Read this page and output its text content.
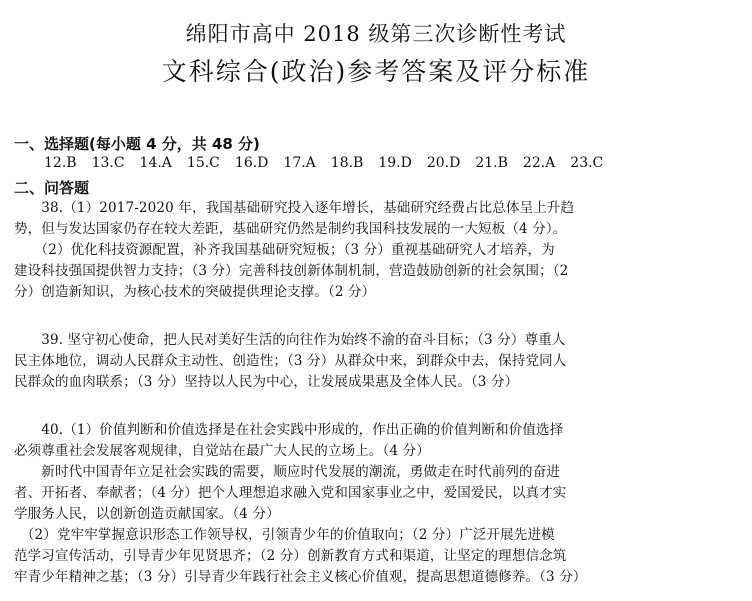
绵阳市高中 2018 级第三次诊断性考试
文科综合(政治)参考答案及评分标准
一、选择题(每小题 4 分，共 48 分)
12.B 13.C 14.A 15.C 16.D 17.A 18.B 19.D 20.D 21.B 22.A 23.C
二、问答题
　　38.（1）2017-2020 年，我国基础研究投入逐年增长，基础研究经费占比总体呈上升趋
势，但与发达国家仍存在较大差距，基础研究仍然是制约我国科技发展的一大短板（4 分）。
　　（2）优化科技资源配置，补齐我国基础研究短板；（3 分）重视基础研究人才培养，为
建设科技强国提供智力支持；（3 分）完善科技创新体制机制，营造鼓励创新的社会氛围；（2
分）创造新知识，为核心技术的突破提供理论支撑。（2 分）
　　39. 坚守初心使命，把人民对美好生活的向往作为始终不渝的奋斗目标；（3 分）尊重人
民主体地位，调动人民群众主动性、创造性；（3 分）从群众中来，到群众中去，保持党同人
民群众的血肉联系；（3 分）坚持以人民为中心，让发展成果惠及全体人民。（3 分）
　　40.（1）价值判断和价值选择是在社会实践中形成的，作出正确的价值判断和价值选择
必须尊重社会发展客观规律，自觉站在最广大人民的立场上。（4 分）
　　新时代中国青年立足社会实践的需要，顺应时代发展的潮流，勇做走在时代前列的奋进
者、开拓者、奉献者；（4 分）把个人理想追求融入党和国家事业之中，爱国爱民，以真才实
学服务人民，以创新创造贡献国家。（4 分）
　（2）党牢牢掌握意识形态工作领导权，引领青少年的价值取向；（2 分）广泛开展先进模
范学习宣传活动，引导青少年见贤思齐；（2 分）创新教育方式和渠道，让坚定的理想信念筑
牢青少年精神之基；（3 分）引导青少年践行社会主义核心价值观，提高思想道德修养。（3 分）
